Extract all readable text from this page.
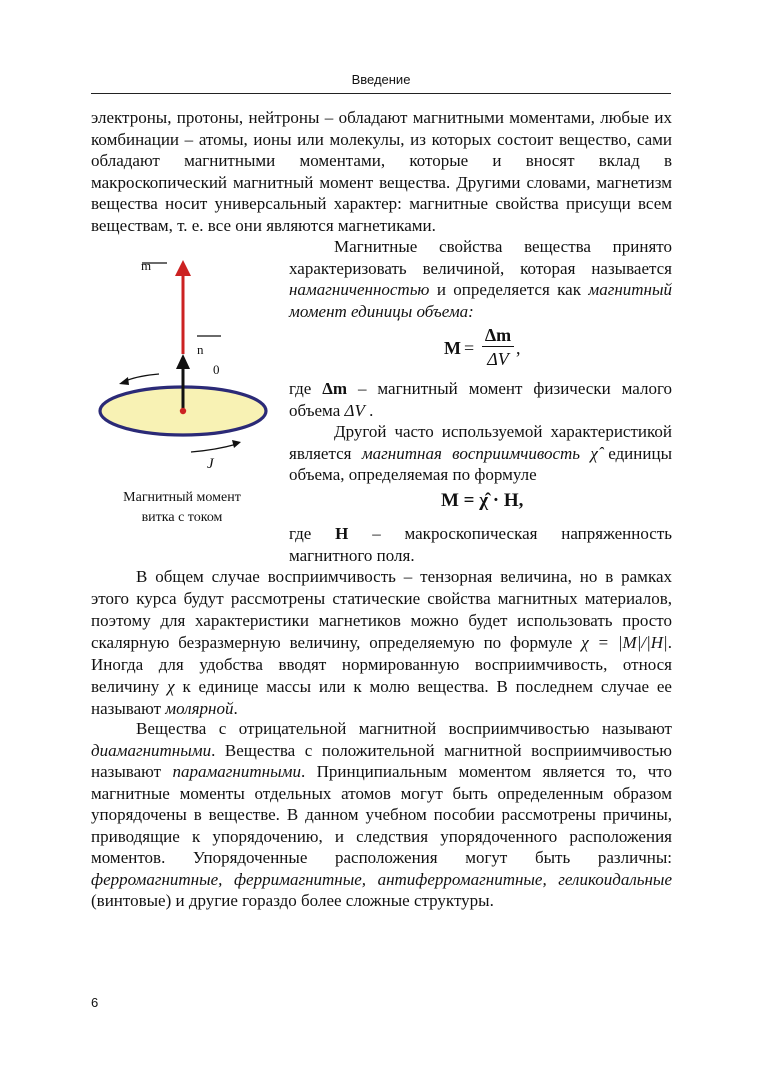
Введение

электроны, протоны, нейтроны – обладают магнитными моментами, любые их комбинации – атомы, ионы или молекулы, из которых состоит вещество, сами обладают магнитными моментами, которые и вносят вклад в макроскопический магнитный момент вещества. Другими словами, магнетизм вещества носит универсальный характер: магнитные свойства присущи всем веществам, т. е. все они являются магнетиками.

m
n
0
J
Магнитный момент
витка с током

Магнитные свойства вещества принято характеризовать величиной, которая называется намагниченностью и определяется как магнитный момент единицы объема:

M =
Δm
ΔV
,

где Δm – магнитный момент физически малого объема ΔV .

Другой часто используемой характеристикой является магнитная восприимчивость χ̂ единицы объема, определяемая по формуле

M = χ̂ · H,

где H – макроскопическая напряженность магнитного поля.

В общем случае восприимчивость – тензорная величина, но в рамках этого курса будут рассмотрены статические свойства магнитных материалов, поэтому для характеристики магнетиков можно будет использовать просто скалярную безразмерную величину, определяемую по формуле χ = |M|/|H|. Иногда для удобства вводят нормированную восприимчивость, относя величину χ к единице массы или к молю вещества. В последнем случае ее называют молярной.

Вещества с отрицательной магнитной восприимчивостью называют диамагнитными. Вещества с положительной магнитной восприимчивостью называют парамагнитными. Принципиальным моментом является то, что магнитные моменты отдельных атомов могут быть определенным образом упорядочены в веществе. В данном учебном пособии рассмотрены причины, приводящие к упорядочению, и следствия упорядоченного расположения моментов. Упорядоченные расположения могут быть различны: ферромагнитные, ферримагнитные, антиферромагнитные, геликоидальные (винтовые) и другие гораздо более сложные структуры.

6
